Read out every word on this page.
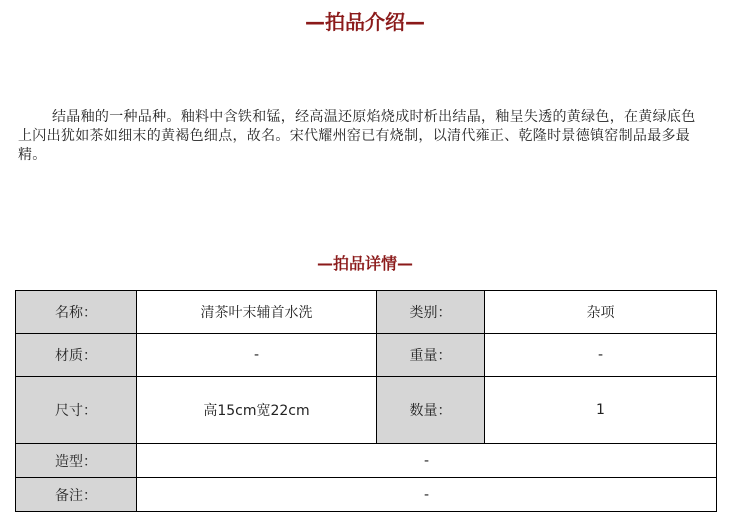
—拍品介绍—

结晶釉的一种品种。釉料中含铁和锰，经高温还原焰烧成时析出结晶，釉呈失透的黄绿色，在黄绿底色上闪出犹如茶如细末的黄褐色细点，故名。宋代耀州窑已有烧制，以清代雍正、乾隆时景德镇窑制品最多最精。

—拍品详情—
名称：	清茶叶末辅首水洗	类别：	杂项
材质：	-	重量：	-
尺寸：	高15cm宽22cm	数量：	1
造型：	-		
备注：	-		
